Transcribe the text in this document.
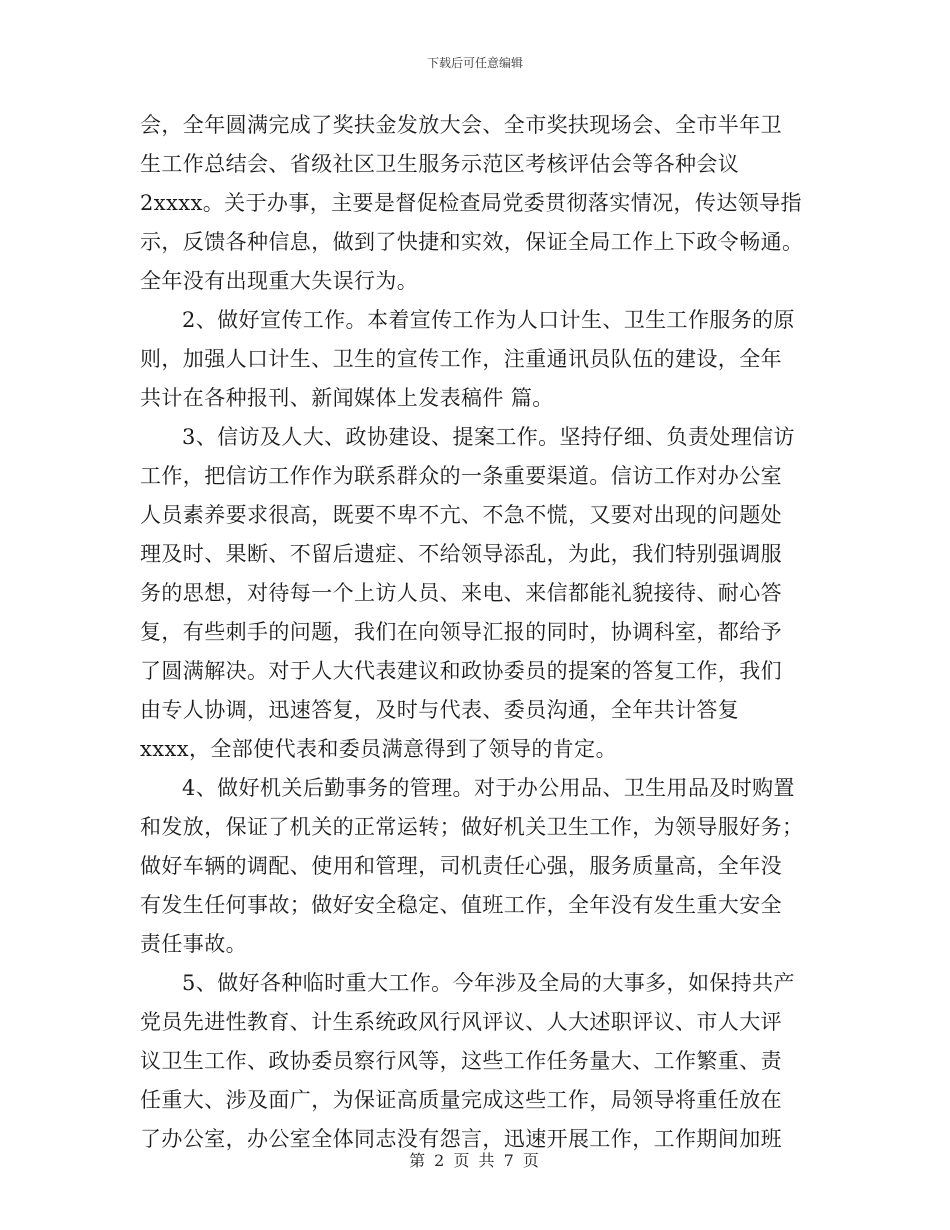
下载后可任意编辑
会，全年圆满完成了奖扶金发放大会、全市奖扶现场会、全市半年卫
生工作总结会、省级社区卫生服务示范区考核评估会等各种会议
2xxxx。关于办事，主要是督促检查局党委贯彻落实情况，传达领导指
示，反馈各种信息，做到了快捷和实效，保证全局工作上下政令畅通。
全年没有出现重大失误行为。
2、做好宣传工作。本着宣传工作为人口计生、卫生工作服务的原
则，加强人口计生、卫生的宣传工作，注重通讯员队伍的建设，全年
共计在各种报刊、新闻媒体上发表稿件 篇。
3、信访及人大、政协建设、提案工作。坚持仔细、负责处理信访
工作，把信访工作作为联系群众的一条重要渠道。信访工作对办公室
人员素养要求很高，既要不卑不亢、不急不慌，又要对出现的问题处
理及时、果断、不留后遗症、不给领导添乱，为此，我们特别强调服
务的思想，对待每一个上访人员、来电、来信都能礼貌接待、耐心答
复，有些刺手的问题，我们在向领导汇报的同时，协调科室，都给予
了圆满解决。对于人大代表建议和政协委员的提案的答复工作，我们
由专人协调，迅速答复，及时与代表、委员沟通，全年共计答复
xxxx，全部使代表和委员满意得到了领导的肯定。
4、做好机关后勤事务的管理。对于办公用品、卫生用品及时购置
和发放，保证了机关的正常运转；做好机关卫生工作，为领导服好务；
做好车辆的调配、使用和管理，司机责任心强，服务质量高，全年没
有发生任何事故；做好安全稳定、值班工作，全年没有发生重大安全
责任事故。
5、做好各种临时重大工作。今年涉及全局的大事多，如保持共产
党员先进性教育、计生系统政风行风评议、人大述职评议、市人大评
议卫生工作、政协委员察行风等，这些工作任务量大、工作繁重、责
任重大、涉及面广，为保证高质量完成这些工作，局领导将重任放在
了办公室，办公室全体同志没有怨言，迅速开展工作，工作期间加班
第 2 页 共 7 页
